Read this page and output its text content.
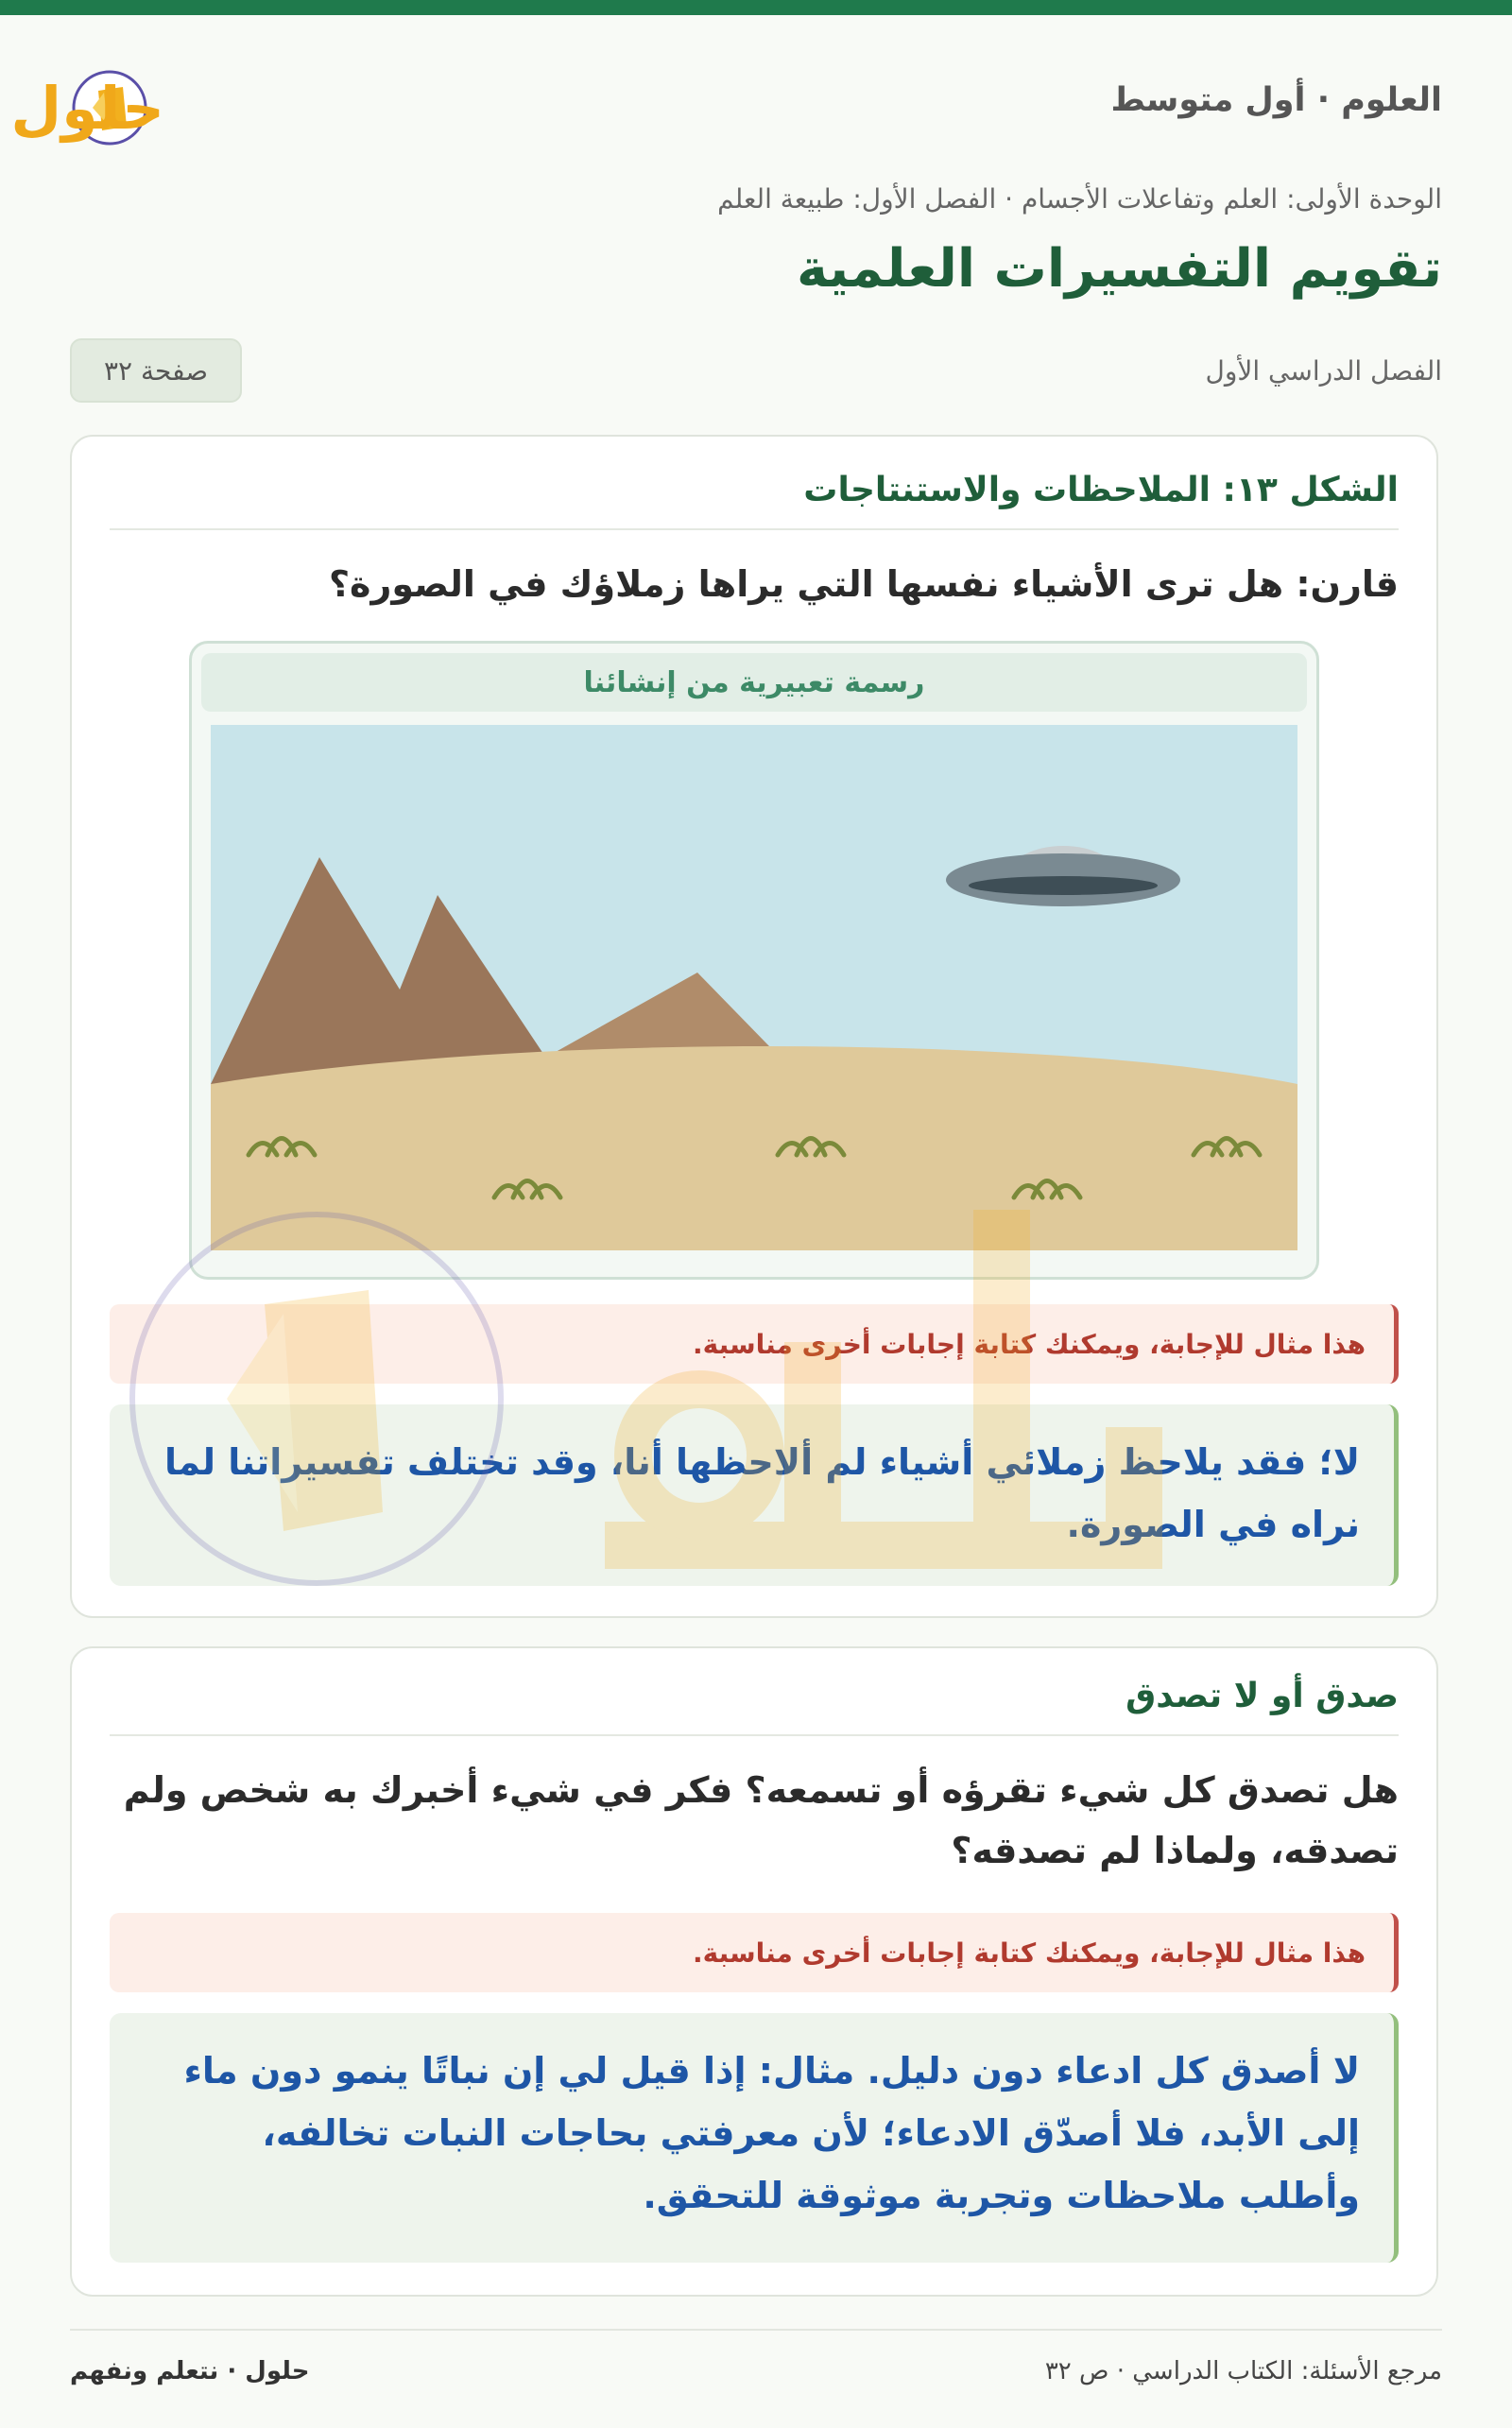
العلوم · أول متوسط
حلول
الوحدة الأولى: العلم وتفاعلات الأجسام · الفصل الأول: طبيعة العلم
تقويم التفسيرات العلمية
الفصل الدراسي الأول
صفحة ٣٢
الشكل ١٣: الملاحظات والاستنتاجات
قارن: هل ترى الأشياء نفسها التي يراها زملاؤك في الصورة؟
رسمة تعبيرية من إنشائنا
هذا مثال للإجابة، ويمكنك كتابة إجابات أخرى مناسبة.
لا؛ فقد يلاحظ زملائي أشياء لم ألاحظها أنا، وقد تختلف تفسيراتنا لما نراه في الصورة.
صدق أو لا تصدق
هل تصدق كل شيء تقرؤه أو تسمعه؟ فكر في شيء أخبرك به شخص ولم تصدقه، ولماذا لم تصدقه؟
هذا مثال للإجابة، ويمكنك كتابة إجابات أخرى مناسبة.
لا أصدق كل ادعاء دون دليل. مثال: إذا قيل لي إن نباتًا ينمو دون ماء إلى الأبد، فلا أصدّق الادعاء؛ لأن معرفتي بحاجات النبات تخالفه، وأطلب ملاحظات وتجربة موثوقة للتحقق.
مرجع الأسئلة: الكتاب الدراسي · ص ٣٢
حلول · نتعلم ونفهم
